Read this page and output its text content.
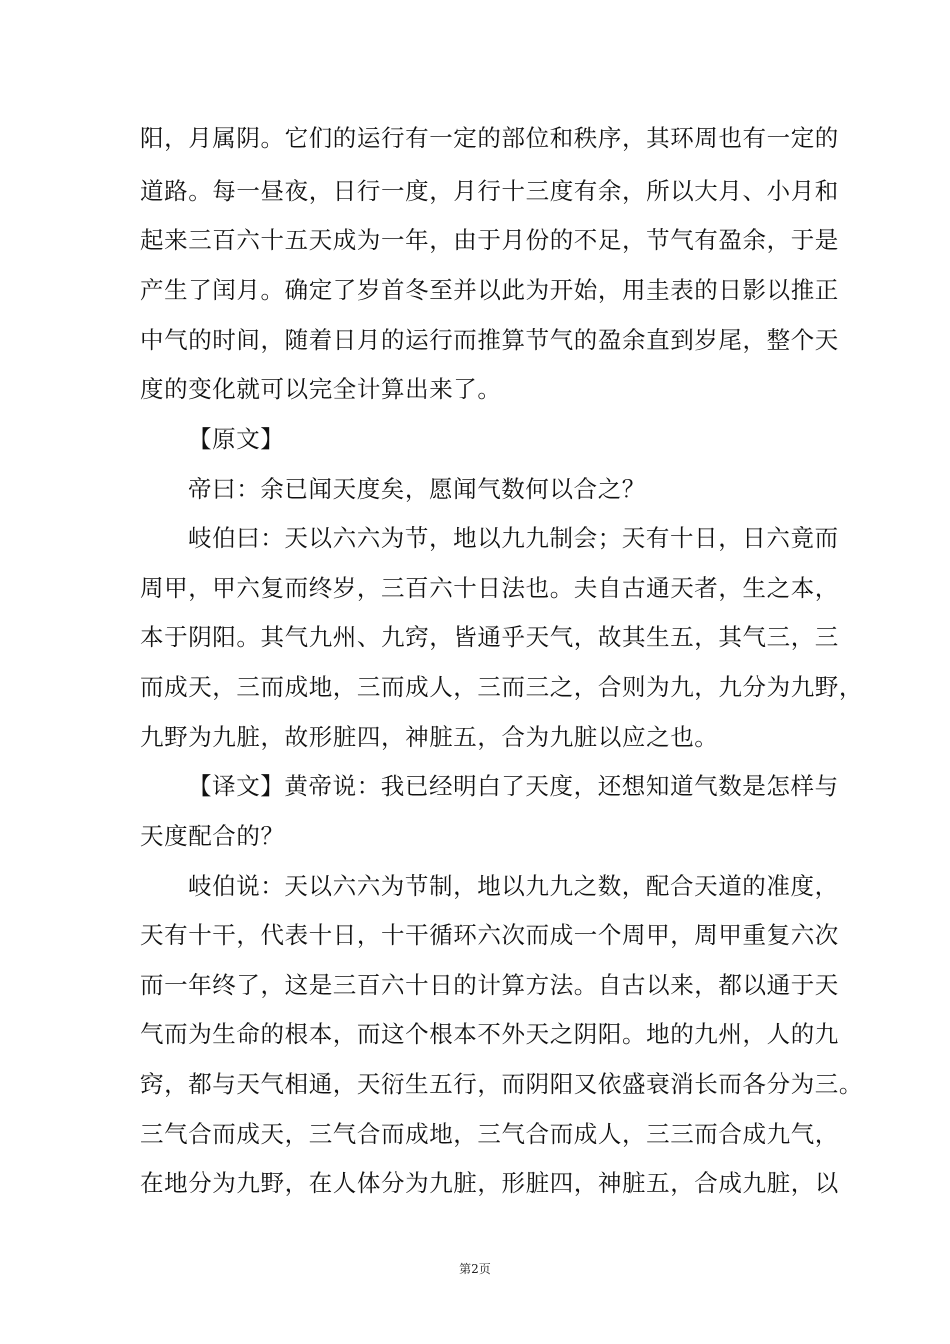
阳，月属阴。它们的运行有一定的部位和秩序，其环周也有一定的
道路。每一昼夜，日行一度，月行十三度有余，所以大月、小月和
起来三百六十五天成为一年，由于月份的不足，节气有盈余，于是
产生了闰月。确定了岁首冬至并以此为开始，用圭表的日影以推正
中气的时间，随着日月的运行而推算节气的盈余直到岁尾，整个天
度的变化就可以完全计算出来了。
【原文】
帝曰：余已闻天度矣，愿闻气数何以合之？
岐伯曰：天以六六为节，地以九九制会；天有十日，日六竟而
周甲，甲六复而终岁，三百六十日法也。夫自古通天者，生之本，
本于阴阳。其气九州、九窍，皆通乎天气，故其生五，其气三，三
而成天，三而成地，三而成人，三而三之，合则为九，九分为九野，
九野为九脏，故形脏四，神脏五，合为九脏以应之也。
【译文】黄帝说：我已经明白了天度，还想知道气数是怎样与
天度配合的？
岐伯说：天以六六为节制，地以九九之数，配合天道的准度，
天有十干，代表十日，十干循环六次而成一个周甲，周甲重复六次
而一年终了，这是三百六十日的计算方法。自古以来，都以通于天
气而为生命的根本，而这个根本不外天之阴阳。地的九州，人的九
窍，都与天气相通，天衍生五行，而阴阳又依盛衰消长而各分为三。
三气合而成天，三气合而成地，三气合而成人，三三而合成九气，
在地分为九野，在人体分为九脏，形脏四，神脏五，合成九脏，以
第2页
